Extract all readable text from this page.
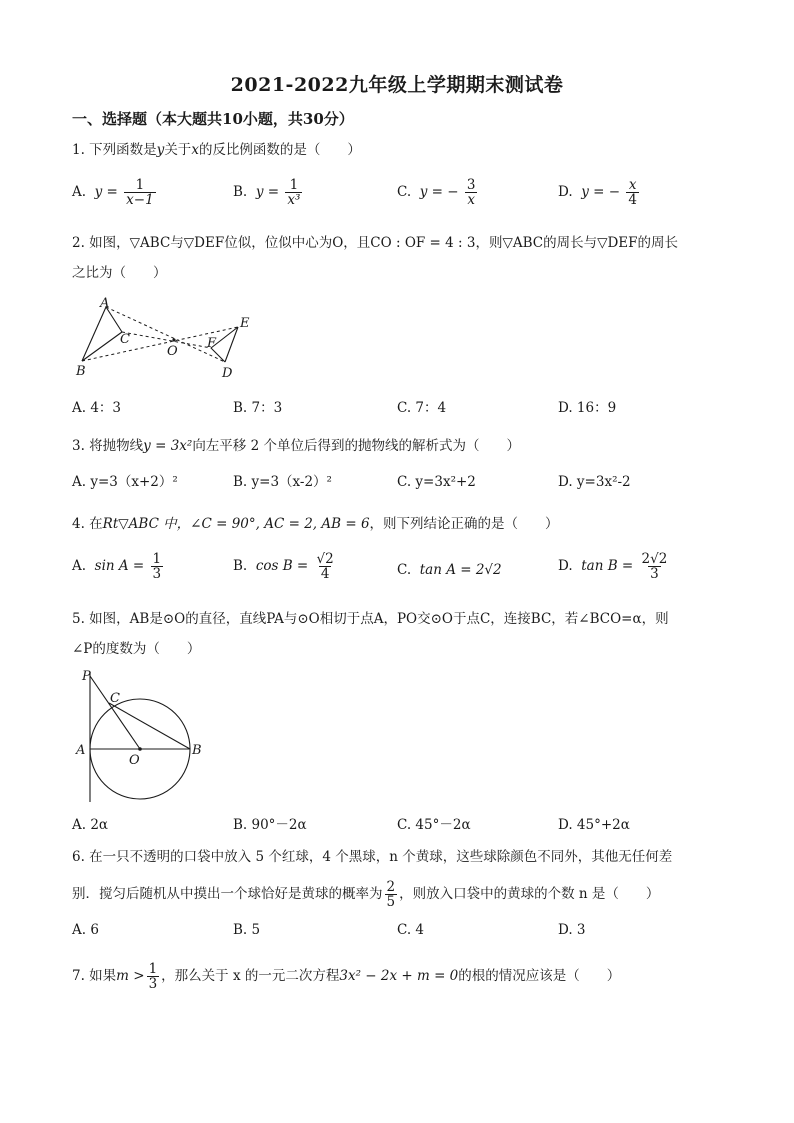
2021-2022九年级上学期期末测试卷
一、选择题（本大题共10小题，共30分）
1. 下列函数是y关于x的反比例函数的是（　　）
A. $y = \frac{1}{x-1}$	B. $y = \frac{1}{\text{x³}}$	C. y = − $\frac{3}{x}$	D. y = − $\frac{x}{4}$
2. 如图，▽ABC与▽DEF位似，位似中心为O，且CO : OF = 4 : 3，则▽ABC的周长与▽DEF的周长
之比为（　　）
A
B
C
O
E
F
D
A. 4：3	B. 7：3	C. 7：4	D. 16：9
3. 将抛物线y = 3x²向左平移 2 个单位后得到的抛物线的解析式为（　　）
A. y=3（x+2）²	B. y=3（x-2）²	C. y=3x²+2	D. y=3x²-2
4. 在Rt▽ABC 中，∠C = 90°, AC = 2, AB = 6，则下列结论正确的是（　　）
A. $\sin A = \frac{1}{3}$	B. $\cos B = \frac{√2}{4}$	C. tan A = 2√2	D. $\tan B = \frac{2√2}{3}$
5. 如图，AB是⊙O的直径，直线PA与⊙O相切于点A，PO交⊙O于点C，连接BC，若∠BCO=α，则
∠P的度数为（　　）
P
C
A
O
B
A. 2α	B. 90°－2α	C. 45°－2α	D. 45°+2α
6. 在一只不透明的口袋中放入 5 个红球，4 个黑球，n 个黄球，这些球除颜色不同外，其他无任何差
别．搅匀后随机从中摸出一个球恰好是黄球的概率为 $\frac{2}{5}$ ，则放入口袋中的黄球的个数 n 是（　　）
A. 6	B. 5	C. 4	D. 3
7. 如果$m > \frac{1}{3}$ ，那么关于 x 的一元二次方程3x² − 2x + m = 0的根的情况应该是（　　）
